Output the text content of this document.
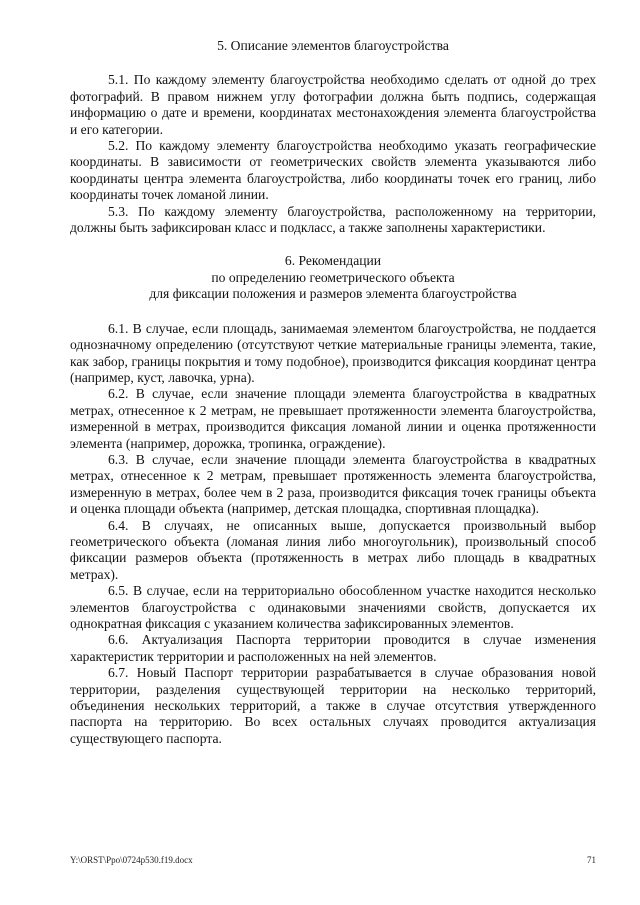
5. Описание элементов благоустройства

5.1. По каждому элементу благоустройства необходимо сделать от одной до трех фотографий. В правом нижнем углу фотографии должна быть подпись, содержащая информацию о дате и времени, координатах местонахождения элемента благоустройства и его категории.

5.2. По каждому элементу благоустройства необходимо указать географические координаты. В зависимости от геометрических свойств элемента указываются либо координаты центра элемента благоустройства, либо координаты точек его границ, либо координаты точек ломаной линии.

5.3. По каждому элементу благоустройства, расположенному на территории, должны быть зафиксирован класс и подкласс, а также заполнены характеристики.

6. Рекомендации

по определению геометрического объекта

для фиксации положения и размеров элемента благоустройства

6.1. В случае, если площадь, занимаемая элементом благоустройства, не поддается однозначному определению (отсутствуют четкие материальные границы элемента, такие, как забор, границы покрытия и тому подобное), производится фиксация координат центра (например, куст, лавочка, урна).

6.2. В случае, если значение площади элемента благоустройства в квадратных метрах, отнесенное к 2 метрам, не превышает протяженности элемента благоустройства, измеренной в метрах, производится фиксация ломаной линии и оценка протяженности элемента (например, дорожка, тропинка, ограждение).

6.3. В случае, если значение площади элемента благоустройства в квадратных метрах, отнесенное к 2 метрам, превышает протяженность элемента благоустройства, измеренную в метрах, более чем в 2 раза, производится фиксация точек границы объекта и оценка площади объекта (например, детская площадка, спортивная площадка).

6.4. В случаях, не описанных выше, допускается произвольный выбор геометрического объекта (ломаная линия либо многоугольник), произвольный способ фиксации размеров объекта (протяженность в метрах либо площадь в квадратных метрах).

6.5. В случае, если на территориально обособленном участке находится несколько элементов благоустройства с одинаковыми значениями свойств, допускается их однократная фиксация с указанием количества зафиксированных элементов.

6.6. Актуализация Паспорта территории проводится в случае изменения характеристик территории и расположенных на ней элементов.

6.7. Новый Паспорт территории разрабатывается в случае образования новой территории, разделения существующей территории на несколько территорий, объединения нескольких территорий, а также в случае отсутствия утвержденного паспорта на территорию. Во всех остальных случаях проводится актуализация существующего паспорта.

Y:\ORST\Ppo\0724p530.f19.docx	71
